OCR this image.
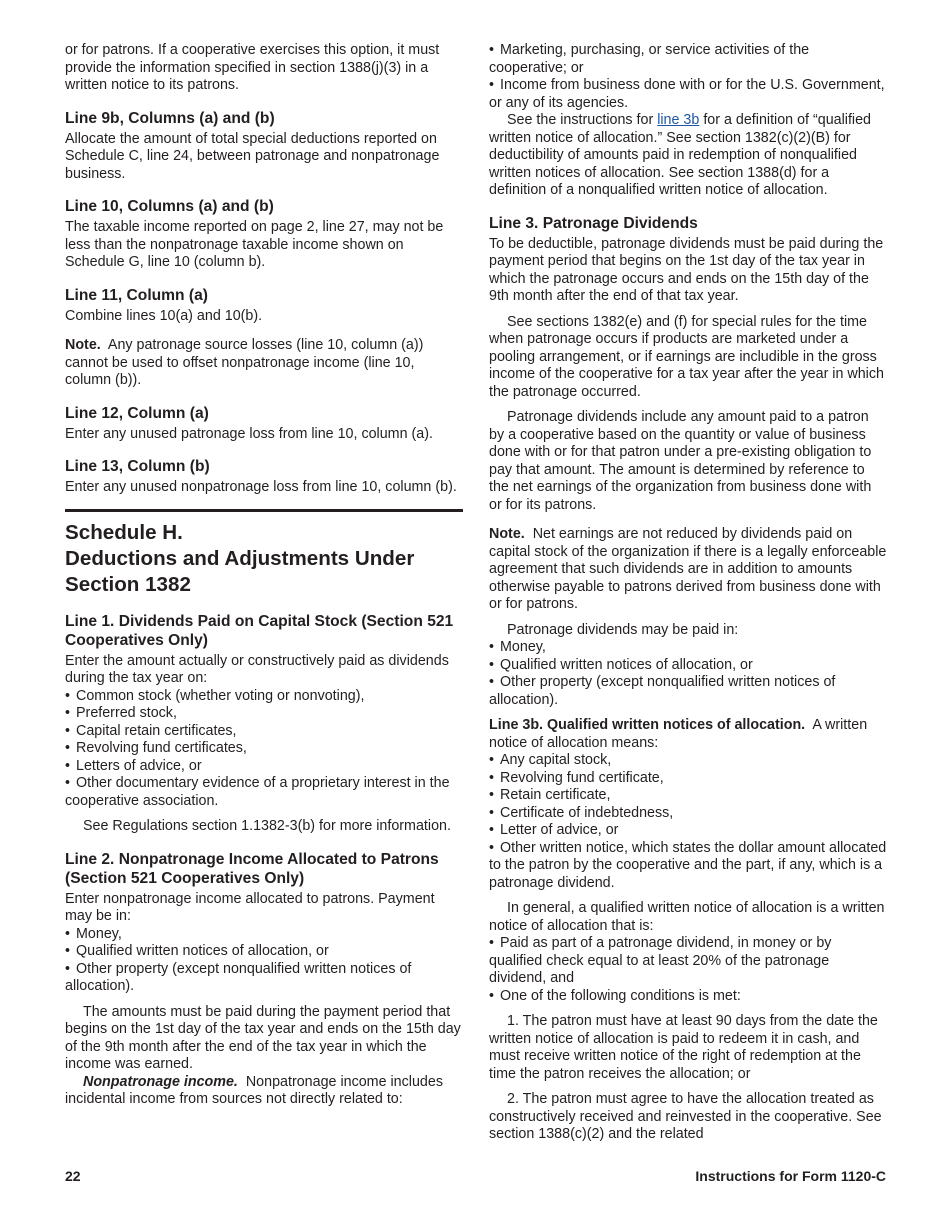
or for patrons. If a cooperative exercises this option, it must provide the information specified in section 1388(j)(3) in a written notice to its patrons.

Line 9b, Columns (a) and (b)

Allocate the amount of total special deductions reported on Schedule C, line 24, between patronage and nonpatronage business.

Line 10, Columns (a) and (b)

The taxable income reported on page 2, line 27, may not be less than the nonpatronage taxable income shown on Schedule G, line 10 (column b).

Line 11, Column (a)

Combine lines 10(a) and 10(b).

Note. Any patronage source losses (line 10, column (a)) cannot be used to offset nonpatronage income (line 10, column (b)).

Line 12, Column (a)

Enter any unused patronage loss from line 10, column (a).

Line 13, Column (b)

Enter any unused nonpatronage loss from line 10, column (b).

Schedule H.
Deductions and Adjustments Under
Section 1382
Line 1. Dividends Paid on Capital Stock (Section 521 Cooperatives Only)

Enter the amount actually or constructively paid as dividends during the tax year on:

• Common stock (whether voting or nonvoting),
• Preferred stock,
• Capital retain certificates,
• Revolving fund certificates,
• Letters of advice, or
• Other documentary evidence of a proprietary interest in the cooperative association.

See Regulations section 1.1382-3(b) for more information.

Line 2. Nonpatronage Income Allocated to Patrons (Section 521 Cooperatives Only)

Enter nonpatronage income allocated to patrons. Payment may be in:

• Money,
• Qualified written notices of allocation, or
• Other property (except nonqualified written notices of allocation).

The amounts must be paid during the payment period that begins on the 1st day of the tax year and ends on the 15th day of the 9th month after the end of the tax year in which the income was earned.

Nonpatronage income. Nonpatronage income includes incidental income from sources not directly related to:

• Marketing, purchasing, or service activities of the cooperative; or
• Income from business done with or for the U.S. Government, or any of its agencies.

See the instructions for line 3b for a definition of “qualified written notice of allocation.” See section 1382(c)(2)(B) for deductibility of amounts paid in redemption of nonqualified written notices of allocation. See section 1388(d) for a definition of a nonqualified written notice of allocation.

Line 3. Patronage Dividends

To be deductible, patronage dividends must be paid during the payment period that begins on the 1st day of the tax year in which the patronage occurs and ends on the 15th day of the 9th month after the end of that tax year.

See sections 1382(e) and (f) for special rules for the time when patronage occurs if products are marketed under a pooling arrangement, or if earnings are includible in the gross income of the cooperative for a tax year after the year in which the patronage occurred.

Patronage dividends include any amount paid to a patron by a cooperative based on the quantity or value of business done with or for that patron under a pre-existing obligation to pay that amount. The amount is determined by reference to the net earnings of the organization from business done with or for its patrons.

Note. Net earnings are not reduced by dividends paid on capital stock of the organization if there is a legally enforceable agreement that such dividends are in addition to amounts otherwise payable to patrons derived from business done with or for patrons.

Patronage dividends may be paid in:

• Money,
• Qualified written notices of allocation, or
• Other property (except nonqualified written notices of allocation).

Line 3b. Qualified written notices of allocation. A written notice of allocation means:

• Any capital stock,
• Revolving fund certificate,
• Retain certificate,
• Certificate of indebtedness,
• Letter of advice, or
• Other written notice, which states the dollar amount allocated to the patron by the cooperative and the part, if any, which is a patronage dividend.

In general, a qualified written notice of allocation is a written notice of allocation that is:

• Paid as part of a patronage dividend, in money or by qualified check equal to at least 20% of the patronage dividend, and
• One of the following conditions is met:

1. The patron must have at least 90 days from the date the written notice of allocation is paid to redeem it in cash, and must receive written notice of the right of redemption at the time the patron receives the allocation; or

2. The patron must agree to have the allocation treated as constructively received and reinvested in the cooperative. See section 1388(c)(2) and the related

22	Instructions for Form 1120-C
